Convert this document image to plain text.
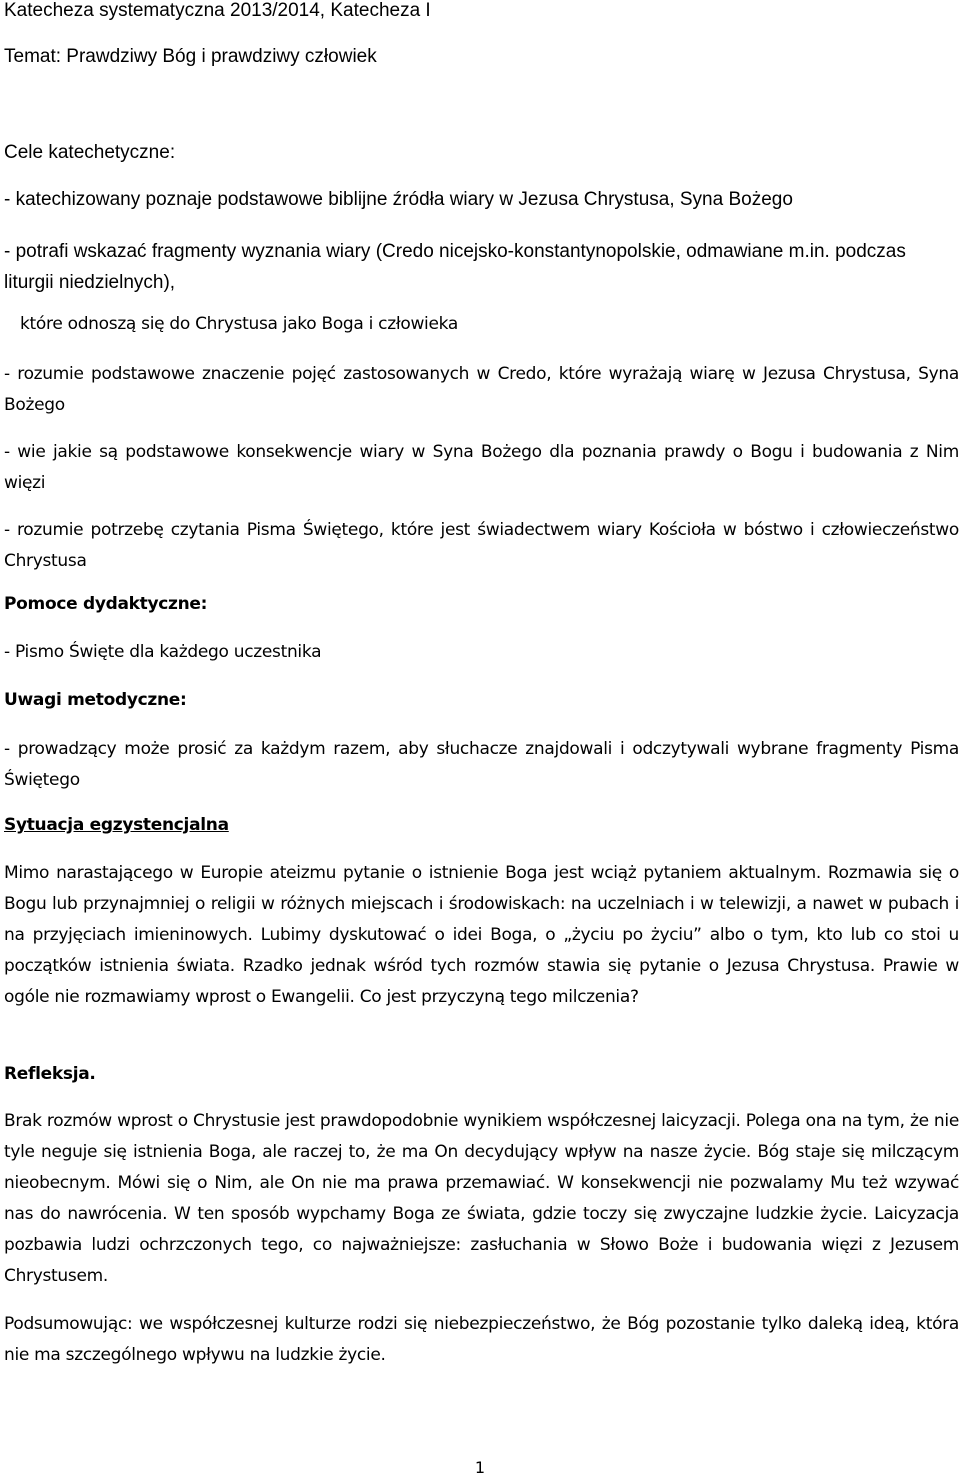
Katecheza systematyczna 2013/2014, Katecheza I

Temat: Prawdziwy Bóg i prawdziwy człowiek

Cele katechetyczne:

- katechizowany poznaje podstawowe biblijne źródła wiary w Jezusa Chrystusa, Syna Bożego

- potrafi wskazać fragmenty wyznania wiary (Credo nicejsko-konstantynopolskie, odmawiane m.in. podczas liturgii niedzielnych),

które odnoszą się do Chrystusa jako Boga i człowieka

- rozumie podstawowe znaczenie pojęć zastosowanych w Credo, które wyrażają wiarę w Jezusa Chrystusa, Syna Bożego

- wie jakie są podstawowe konsekwencje wiary w Syna Bożego dla poznania prawdy o Bogu i budowania z Nim więzi

- rozumie potrzebę czytania Pisma Świętego, które jest świadectwem wiary Kościoła w bóstwo i człowieczeństwo Chrystusa

Pomoce dydaktyczne:

- Pismo Święte dla każdego uczestnika

Uwagi metodyczne:

- prowadzący może prosić za każdym razem, aby słuchacze znajdowali i odczytywali wybrane fragmenty Pisma Świętego

Sytuacja egzystencjalna

Mimo narastającego w Europie ateizmu pytanie o istnienie Boga jest wciąż pytaniem aktualnym. Rozmawia się o Bogu lub przynajmniej o religii w różnych miejscach i środowiskach: na uczelniach i w telewizji, a nawet w pubach i na przyjęciach imieninowych. Lubimy dyskutować o idei Boga, o „życiu po życiu” albo o tym, kto lub co stoi u początków istnienia świata. Rzadko jednak wśród tych rozmów stawia się pytanie o Jezusa Chrystusa. Prawie w ogóle nie rozmawiamy wprost o Ewangelii. Co jest przyczyną tego milczenia?

Refleksja.

Brak rozmów wprost o Chrystusie jest prawdopodobnie wynikiem współczesnej laicyzacji. Polega ona na tym, że nie tyle neguje się istnienia Boga, ale raczej to, że ma On decydujący wpływ na nasze życie. Bóg staje się milczącym nieobecnym. Mówi się o Nim, ale On nie ma prawa przemawiać. W konsekwencji nie pozwalamy Mu też wzywać nas do nawrócenia. W ten sposób wypchamy Boga ze świata, gdzie toczy się zwyczajne ludzkie życie. Laicyzacja pozbawia ludzi ochrzczonych tego, co najważniejsze: zasłuchania w Słowo Boże i budowania więzi z Jezusem Chrystusem.

Podsumowując: we współczesnej kulturze rodzi się niebezpieczeństwo, że Bóg pozostanie tylko daleką ideą, która nie ma szczególnego wpływu na ludzkie życie.

1
